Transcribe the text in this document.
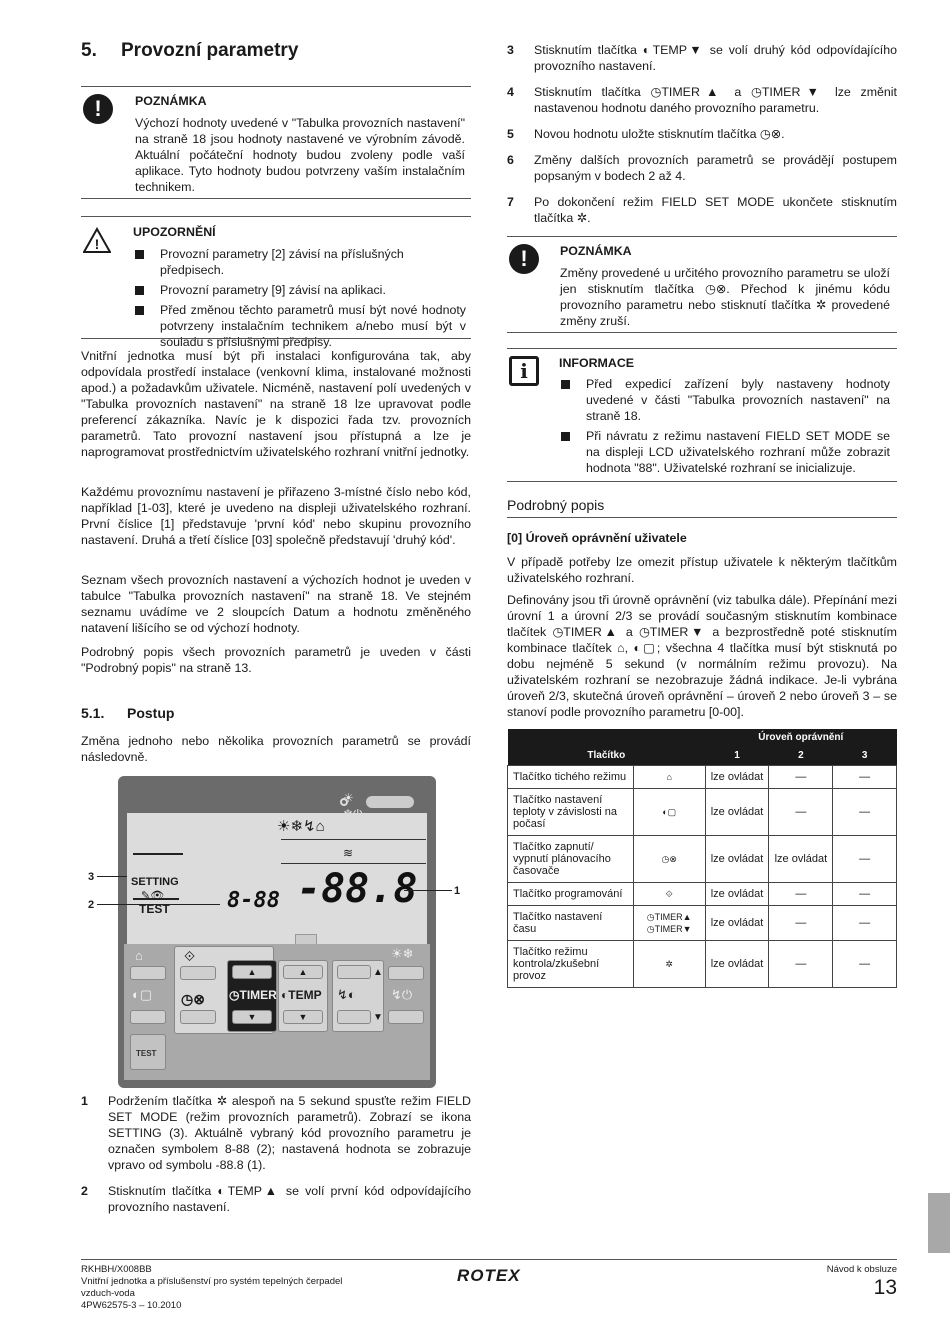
5. Provozní parametry
!	POZNÁMKA
Výchozí hodnoty uvedené v "Tabulka provozních nastavení" na straně 18 jsou hodnoty nastavené ve výrobním závodě. Aktuální počáteční hodnoty budou zvoleny podle vaší aplikace. Tyto hodnoty budou potvrzeny vaším instalačním technikem.
!
UPOZORNĚNÍ
Provozní parametry [2] závisí na příslušných předpisech.
Provozní parametry [9] závisí na aplikaci.
Před změnou těchto parametrů musí být nové hodnoty potvrzeny instalačním technikem a/nebo musí být v souladu s příslušnými předpisy.
Vnitřní jednotka musí být při instalaci konfigurována tak, aby odpovídala prostředí instalace (venkovní klima, instalované možnosti apod.) a požadavkům uživatele. Nicméně, nastavení polí uvedených v "Tabulka provozních nastavení" na straně 18 lze upravovat podle preferencí zákazníka. Navíc je k dispozici řada tzv. provozních parametrů. Tato provozní nastavení jsou přístupná a lze je naprogramovat prostřednictvím uživatelského rozhraní vnitřní jednotky.
Každému provoznímu nastavení je přiřazeno 3-místné číslo nebo kód, například [1-03], které je uvedeno na displeji uživatelského rozhraní. První číslice [1] představuje 'první kód' nebo skupinu provozního nastavení. Druhá a třetí číslice [03] společně představují 'druhý kód'.
Seznam všech provozních nastavení a výchozích hodnot je uveden v tabulce "Tabulka provozních nastavení" na straně 18. Ve stejném seznamu uvádíme ve 2 sloupcích Datum a hodnotu změněného natavení lišícího se od výchozí hodnoty.
Podrobný popis všech provozních parametrů je uveden v části "Podrobný popis" na straně 13.
5.1. Postup
Změna jednoho nebo několika provozních parametrů se provádí následovně.
☀
☀❄↯⌂
≋
SETTING
✎👁
TEST	8-88 -88.8
⟐
◷⊗
▲
◷TIMER
▼
▲
◐TEMP
▼
▲
↯◐
▼
☀❄
↯⏻
⌂
◐▢
TEST
3
2
1
1 Podržením tlačítka ✲ alespoň na 5 sekund spusťte režim FIELD SET MODE (režim provozních parametrů). Zobrazí se ikona SETTING (3). Aktuálně vybraný kód provozního parametru je označen symbolem 8-88 (2); nastavená hodnota se zobrazuje vpravo od symbolu -88.8 (1).
2 Stisknutím tlačítka ◐TEMP▲ se volí první kód odpovídajícího provozního nastavení.
3 Stisknutím tlačítka ◐TEMP▼ se volí druhý kód odpovídajícího provozního nastavení.
4 Stisknutím tlačítka ◷TIMER▲ a ◷TIMER▼ lze změnit nastavenou hodnotu daného provozního parametru.
5 Novou hodnotu uložte stisknutím tlačítka ◷⊗.
6 Změny dalších provozních parametrů se provádějí postupem popsaným v bodech 2 až 4.
7 Po dokončení režim FIELD SET MODE ukončete stisknutím tlačítka ✲.
!	POZNÁMKA
Změny provedené u určitého provozního parametru se uloží jen stisknutím tlačítka ◷⊗. Přechod k jinému kódu provozního parametru nebo stisknutí tlačítka ✲ provedené změny zruší.
i	INFORMACE
Před expedicí zařízení byly nastaveny hodnoty uvedené v části "Tabulka provozních nastavení" na straně 18.
Při návratu z režimu nastavení FIELD SET MODE se na displeji LCD uživatelského rozhraní může zobrazit hodnota "88". Uživatelské rozhraní se inicializuje.
Podrobný popis
[0] Úroveň oprávnění uživatele
V případě potřeby lze omezit přístup uživatele k některým tlačítkům uživatelského rozhraní.
Definovány jsou tři úrovně oprávnění (viz tabulka dále). Přepínání mezi úrovní 1 a úrovní 2/3 se provádí současným stisknutím kombinace tlačítek ◷TIMER▲ a ◷TIMER▼ a bezprostředně poté stisknutím kombinace tlačítek ⌂, ◐▢; všechna 4 tlačítka musí být stisknutá po dobu nejméně 5 sekund (v normálním režimu provozu). Na uživatelském rozhraní se nezobrazuje žádná indikace. Je-li vybrána úroveň 2/3, skutečná úroveň oprávnění – úroveň 2 nebo úroveň 3 – se stanoví podle provozního parametru [0-00].
		Úroveň oprávnění		
Tlačítko		1	2	3
Tlačítko tichého režimu	⌂	lze ovládat	—	—
Tlačítko nastavení teploty v závislosti na počasí	◐▢	lze ovládat	—	—
Tlačítko zapnutí/ vypnutí plánovacího časovače	◷⊗	lze ovládat	lze ovládat	—
Tlačítko programování	⟐	lze ovládat	—	—
Tlačítko nastavení času	◷TIMER▲ ◷TIMER▼	lze ovládat	—	—
Tlačítko režimu kontrola/zkušební provoz	✲	lze ovládat	—	—
RKHBH/X008BB
Vnitřní jednotka a příslušenství pro systém tepelných čerpadel
vzduch-voda
4PW62575-3 – 10.2010
ROTEX	Návod k obsluze
13
